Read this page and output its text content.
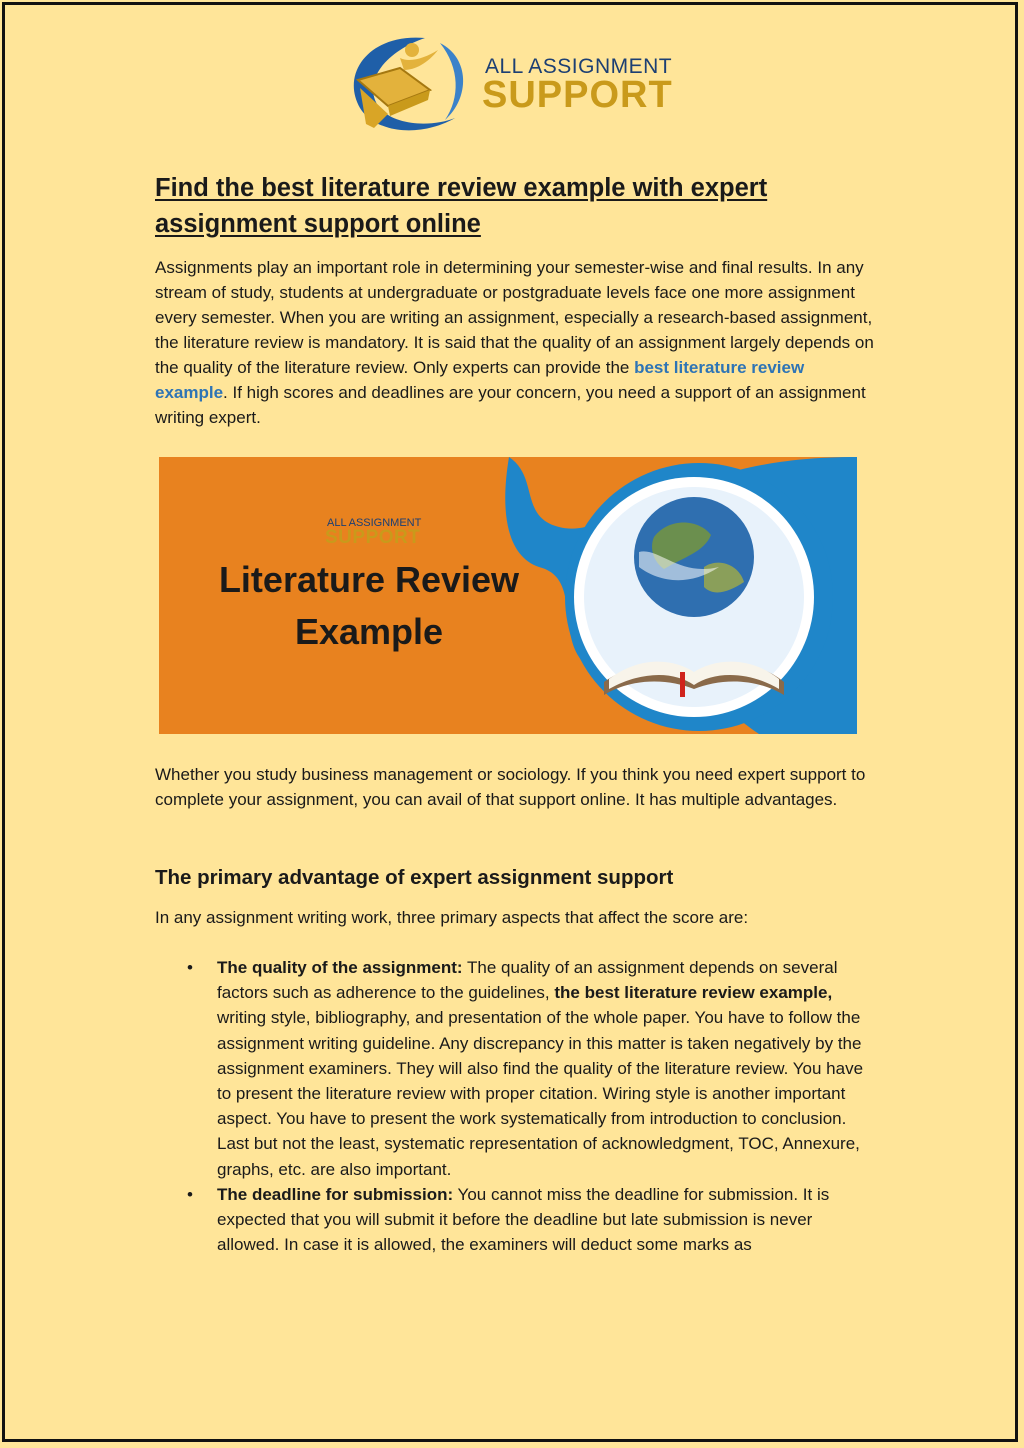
ALL ASSIGNMENT
SUPPORT
Find the best literature review example with expert assignment support online

Assignments play an important role in determining your semester-wise and final results. In any stream of study, students at undergraduate or postgraduate levels face one more assignment every semester. When you are writing an assignment, especially a research-based assignment, the literature review is mandatory. It is said that the quality of an assignment largely depends on the quality of the literature review. Only experts can provide the best literature review example. If high scores and deadlines are your concern, you need a support of an assignment writing expert.

ALL ASSIGNMENT
SUPPORT
Literature Review
Example

Whether you study business management or sociology. If you think you need expert support to complete your assignment, you can avail of that support online. It has multiple advantages.

The primary advantage of expert assignment support

In any assignment writing work, three primary aspects that affect the score are:

• The quality of the assignment: The quality of an assignment depends on several factors such as adherence to the guidelines, the best literature review example, writing style, bibliography, and presentation of the whole paper. You have to follow the assignment writing guideline. Any discrepancy in this matter is taken negatively by the assignment examiners. They will also find the quality of the literature review. You have to present the literature review with proper citation. Wiring style is another important aspect. You have to present the work systematically from introduction to conclusion. Last but not the least, systematic representation of acknowledgment, TOC, Annexure, graphs, etc. are also important.
• The deadline for submission: You cannot miss the deadline for submission. It is expected that you will submit it before the deadline but late submission is never allowed. In case it is allowed, the examiners will deduct some marks as
